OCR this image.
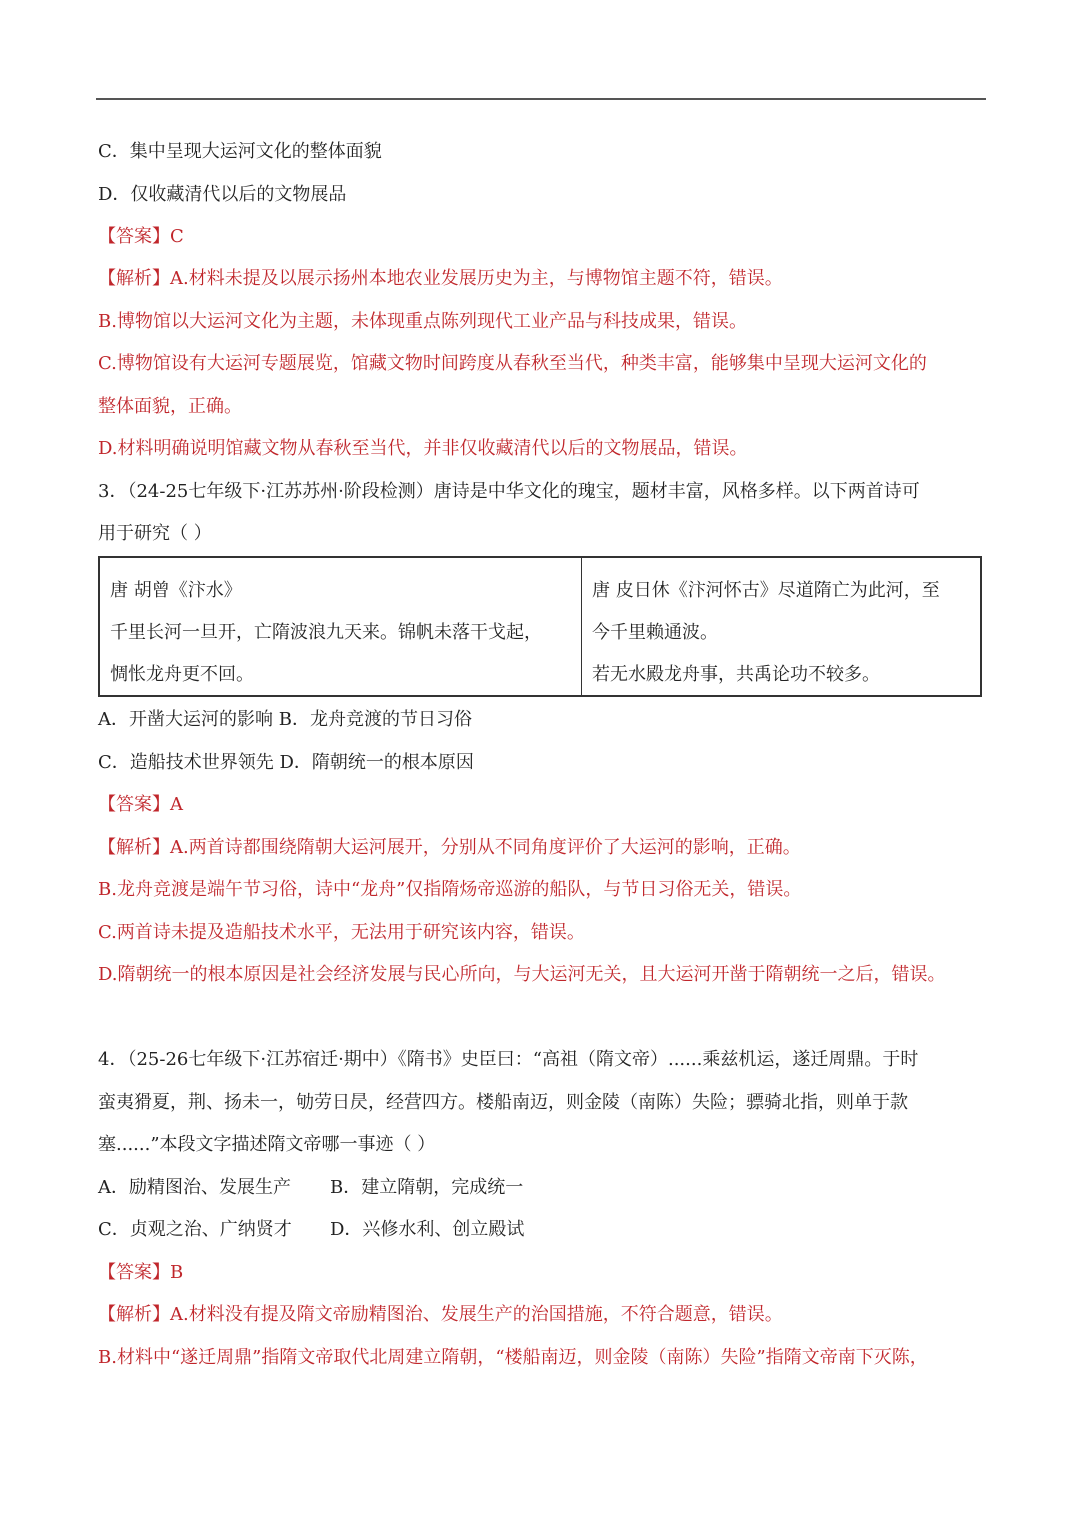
C．集中呈现大运河文化的整体面貌
D．仅收藏清代以后的文物展品
【答案】C
【解析】A.材料未提及以展示扬州本地农业发展历史为主，与博物馆主题不符，错误。
B.博物馆以大运河文化为主题，未体现重点陈列现代工业产品与科技成果，错误。
C.博物馆设有大运河专题展览，馆藏文物时间跨度从春秋至当代，种类丰富，能够集中呈现大运河文化的
整体面貌，正确。
D.材料明确说明馆藏文物从春秋至当代，并非仅收藏清代以后的文物展品，错误。
3．（24-25七年级下·江苏苏州·阶段检测）唐诗是中华文化的瑰宝，题材丰富，风格多样。以下两首诗可
用于研究（ ）

唐 胡曾《汴水》

千里长河一旦开，亡隋波浪九天来。锦帆未落干戈起，

惆怅龙舟更不回。

唐 皮日休《汴河怀古》尽道隋亡为此河，至

今千里赖通波。

若无水殿龙舟事，共禹论功不较多。

A．开凿大运河的影响 B．龙舟竞渡的节日习俗
C．造船技术世界领先 D．隋朝统一的根本原因
【答案】A
【解析】A.两首诗都围绕隋朝大运河展开，分别从不同角度评价了大运河的影响，正确。
B.龙舟竞渡是端午节习俗，诗中“龙舟”仅指隋炀帝巡游的船队，与节日习俗无关，错误。
C.两首诗未提及造船技术水平，无法用于研究该内容，错误。
D.隋朝统一的根本原因是社会经济发展与民心所向，与大运河无关，且大运河开凿于隋朝统一之后，错误。
4．（25-26七年级下·江苏宿迁·期中）《隋书》史臣曰：“高祖（隋文帝）......乘兹机运，遂迁周鼎。于时
蛮夷猾夏，荆、扬未一，劬劳日昃，经营四方。楼船南迈，则金陵（南陈）失险；骠骑北指，则单于款
塞......”本段文字描述隋文帝哪一事迹（ ）
A．励精图治、发展生产 B．建立隋朝，完成统一
C．贞观之治、广纳贤才 D．兴修水利、创立殿试
【答案】B
【解析】A.材料没有提及隋文帝励精图治、发展生产的治国措施，不符合题意，错误。
B.材料中“遂迁周鼎”指隋文帝取代北周建立隋朝，“楼船南迈，则金陵（南陈）失险”指隋文帝南下灭陈，
